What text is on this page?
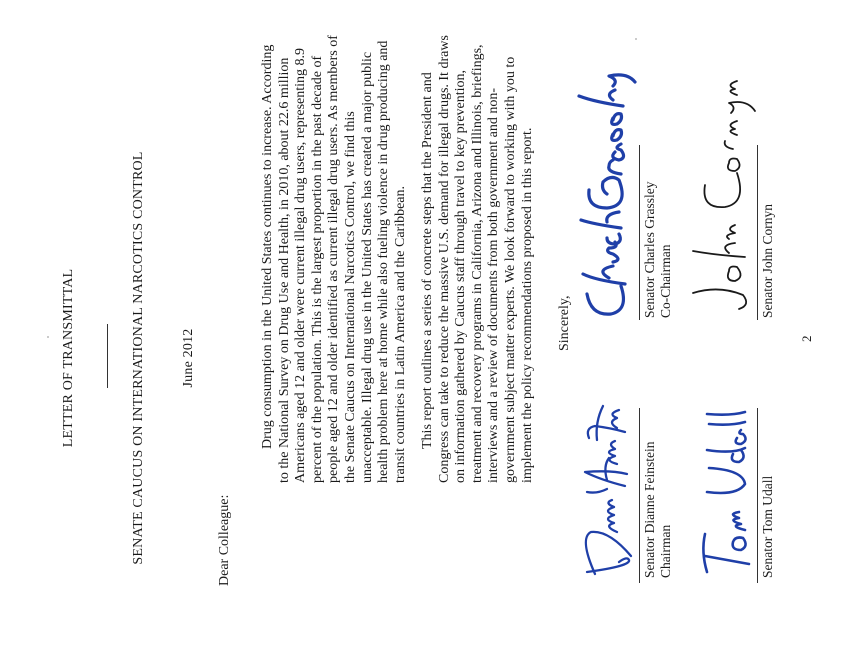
LETTER OF TRANSMITTAL	SENATE CAUCUS ON INTERNATIONAL NARCOTICS CONTROL	June 2012
Dear Colleague:

Drug consumption in the United States continues to increase. According to the National Survey on Drug Use and Health, in 2010, about 22.6 million Americans aged 12 and older were current illegal drug users, representing 8.9 percent of the population. This is the largest proportion in the past decade of people aged 12 and older identified as current illegal drug users. As members of the Senate Caucus on International Narcotics Control, we find this unacceptable. Illegal drug use in the United States has created a major public health problem here at home while also fueling violence in drug producing and transit countries in Latin America and the Caribbean. This report outlines a series of concrete steps that the President and Congress can take to reduce the massive U.S. demand for illegal drugs. It draws on information gathered by Caucus staff through travel to key prevention, treatment and recovery programs in California, Arizona and Illinois, briefings, interviews and a review of documents from both government and non-government subject matter experts. We look forward to working with you to implement the policy recommendations proposed in this report. Sincerely,
Senator Dianne Feinstein Chairman
Senator Charles Grassley Co-Chairman
Senator Tom Udall
Senator John Cornyn
2
